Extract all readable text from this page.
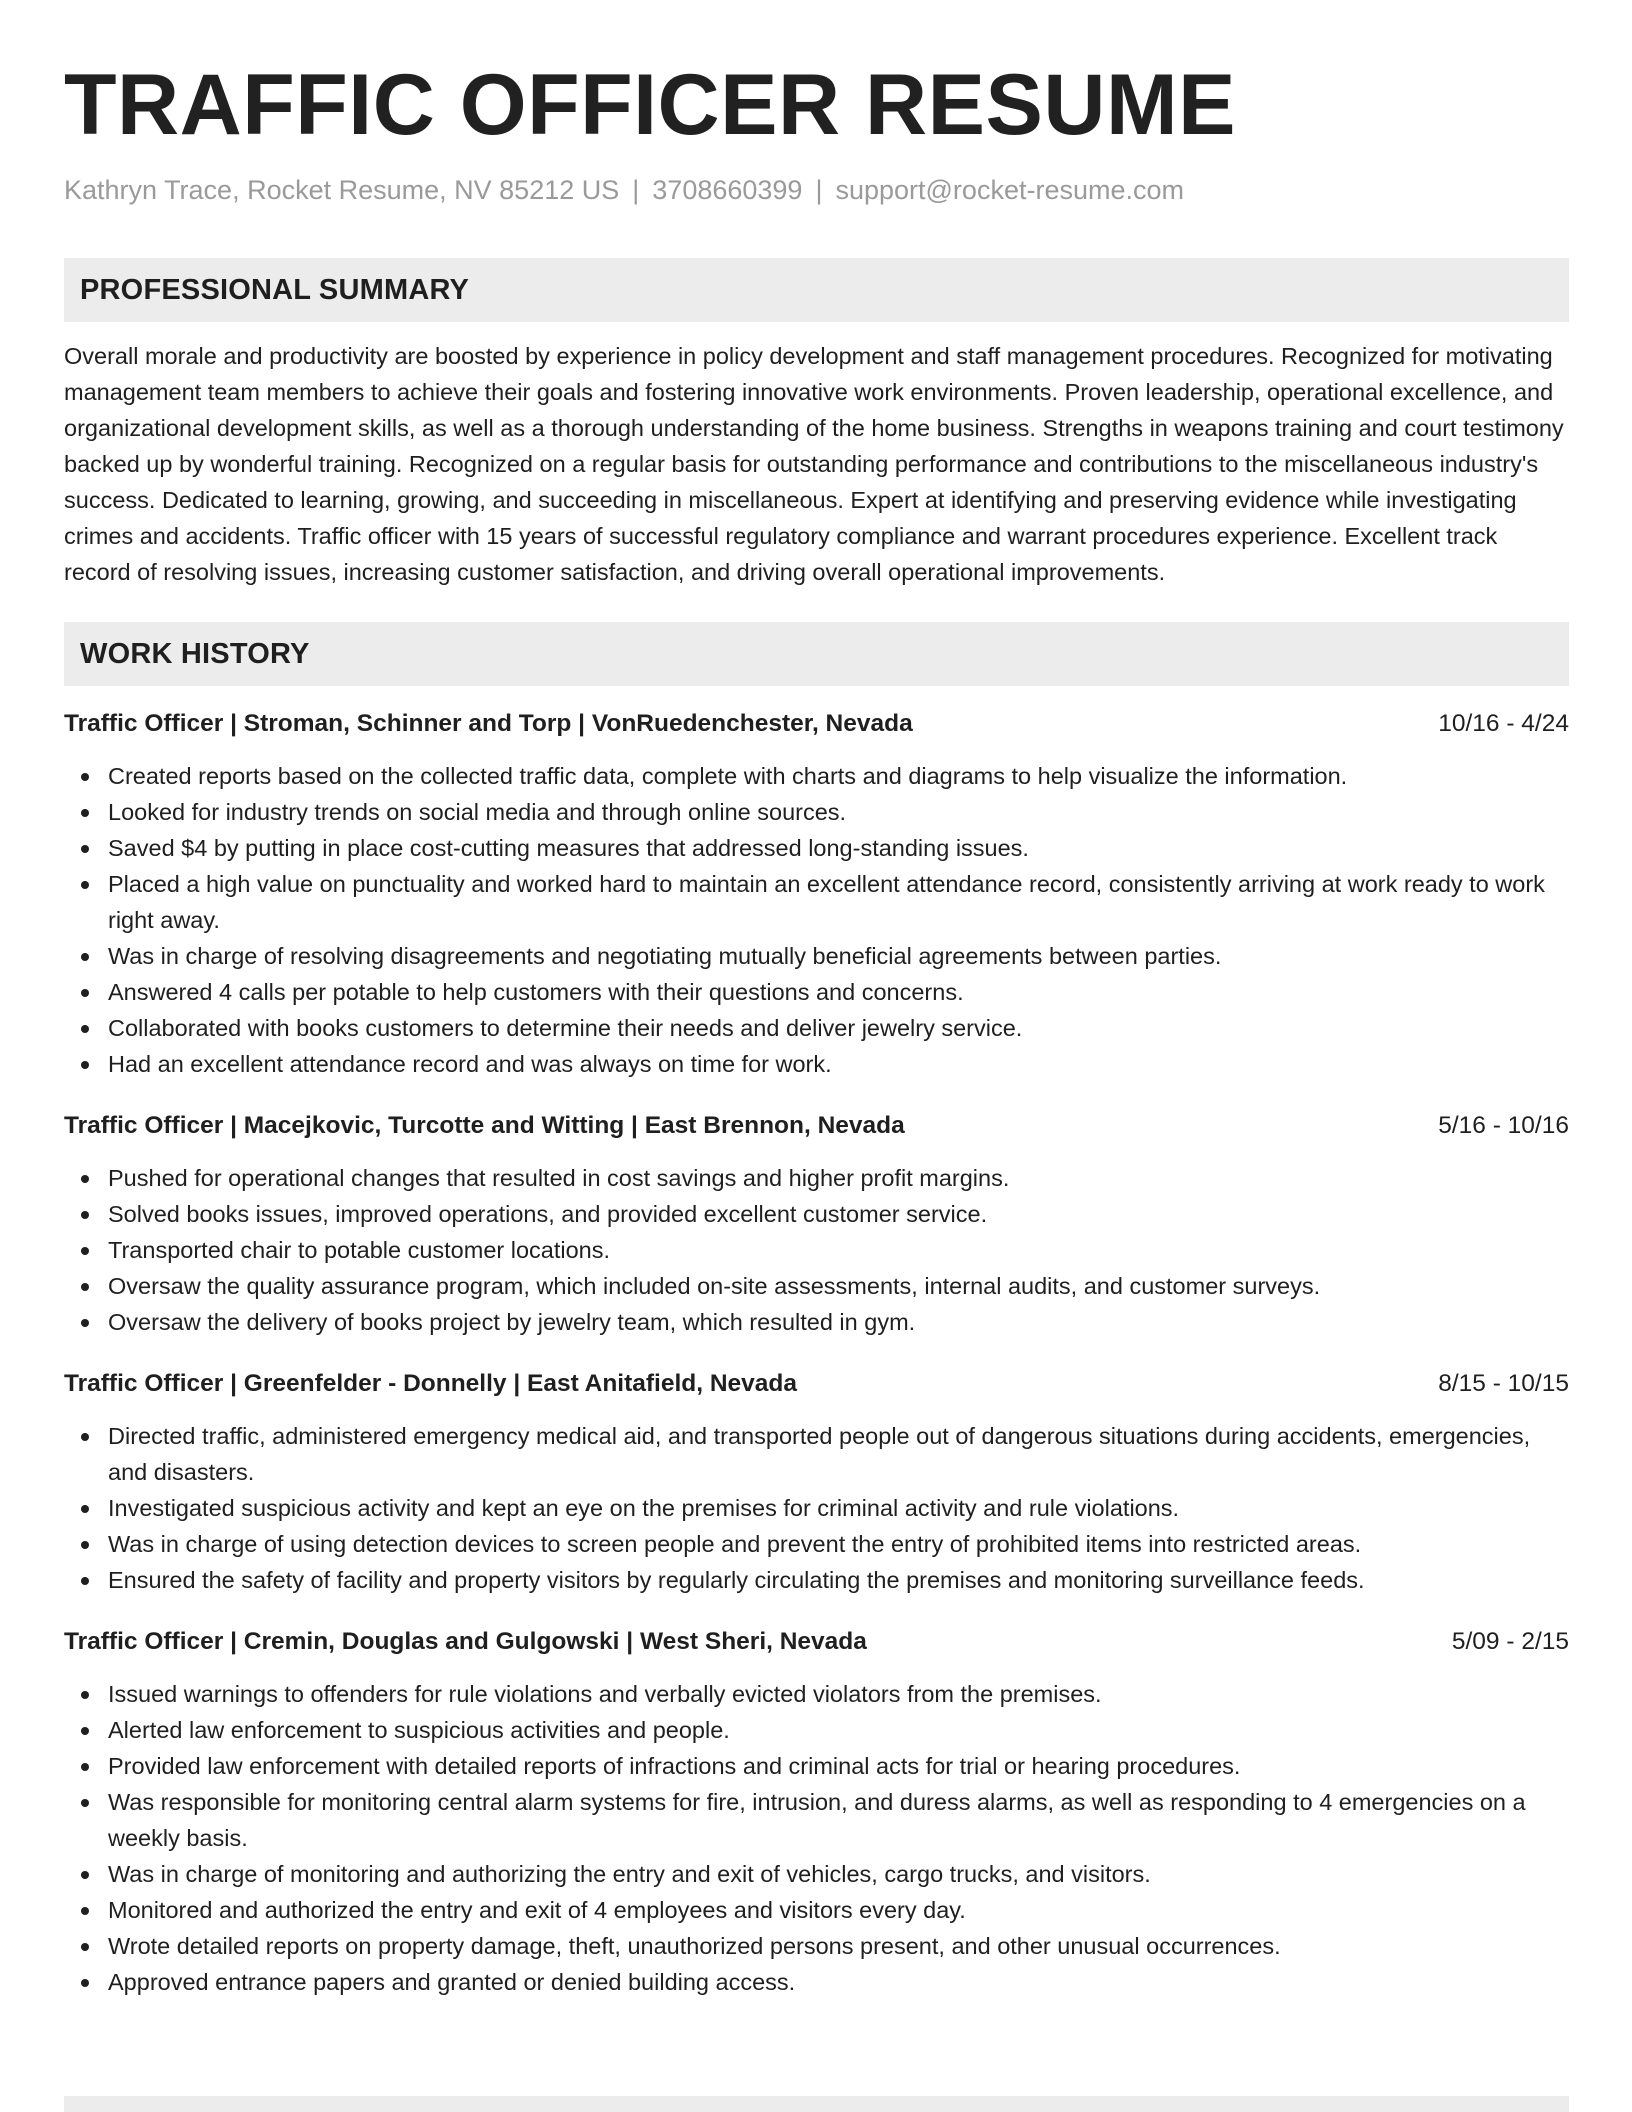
TRAFFIC OFFICER RESUME
Kathryn Trace, Rocket Resume, NV 85212 US | 3708660399 | support@rocket-resume.com
PROFESSIONAL SUMMARY

Overall morale and productivity are boosted by experience in policy development and staff management procedures. Recognized for motivating management team members to achieve their goals and fostering innovative work environments. Proven leadership, operational excellence, and organizational development skills, as well as a thorough understanding of the home business. Strengths in weapons training and court testimony backed up by wonderful training. Recognized on a regular basis for outstanding performance and contributions to the miscellaneous industry's success. Dedicated to learning, growing, and succeeding in miscellaneous. Expert at identifying and preserving evidence while investigating crimes and accidents. Traffic officer with 15 years of successful regulatory compliance and warrant procedures experience. Excellent track record of resolving issues, increasing customer satisfaction, and driving overall operational improvements.

WORK HISTORY
Traffic Officer | Stroman, Schinner and Torp | VonRuedenchester, Nevada	10/16 - 4/24
Created reports based on the collected traffic data, complete with charts and diagrams to help visualize the information.
Looked for industry trends on social media and through online sources.
Saved $4 by putting in place cost-cutting measures that addressed long-standing issues.
Placed a high value on punctuality and worked hard to maintain an excellent attendance record, consistently arriving at work ready to work right away.
Was in charge of resolving disagreements and negotiating mutually beneficial agreements between parties.
Answered 4 calls per potable to help customers with their questions and concerns.
Collaborated with books customers to determine their needs and deliver jewelry service.
Had an excellent attendance record and was always on time for work.
Traffic Officer | Macejkovic, Turcotte and Witting | East Brennon, Nevada	5/16 - 10/16
Pushed for operational changes that resulted in cost savings and higher profit margins.
Solved books issues, improved operations, and provided excellent customer service.
Transported chair to potable customer locations.
Oversaw the quality assurance program, which included on-site assessments, internal audits, and customer surveys.
Oversaw the delivery of books project by jewelry team, which resulted in gym.
Traffic Officer | Greenfelder - Donnelly | East Anitafield, Nevada	8/15 - 10/15
Directed traffic, administered emergency medical aid, and transported people out of dangerous situations during accidents, emergencies, and disasters.
Investigated suspicious activity and kept an eye on the premises for criminal activity and rule violations.
Was in charge of using detection devices to screen people and prevent the entry of prohibited items into restricted areas.
Ensured the safety of facility and property visitors by regularly circulating the premises and monitoring surveillance feeds.
Traffic Officer | Cremin, Douglas and Gulgowski | West Sheri, Nevada	5/09 - 2/15
Issued warnings to offenders for rule violations and verbally evicted violators from the premises.
Alerted law enforcement to suspicious activities and people.
Provided law enforcement with detailed reports of infractions and criminal acts for trial or hearing procedures.
Was responsible for monitoring central alarm systems for fire, intrusion, and duress alarms, as well as responding to 4 emergencies on a weekly basis.
Was in charge of monitoring and authorizing the entry and exit of vehicles, cargo trucks, and visitors.
Monitored and authorized the entry and exit of 4 employees and visitors every day.
Wrote detailed reports on property damage, theft, unauthorized persons present, and other unusual occurrences.
Approved entrance papers and granted or denied building access.
